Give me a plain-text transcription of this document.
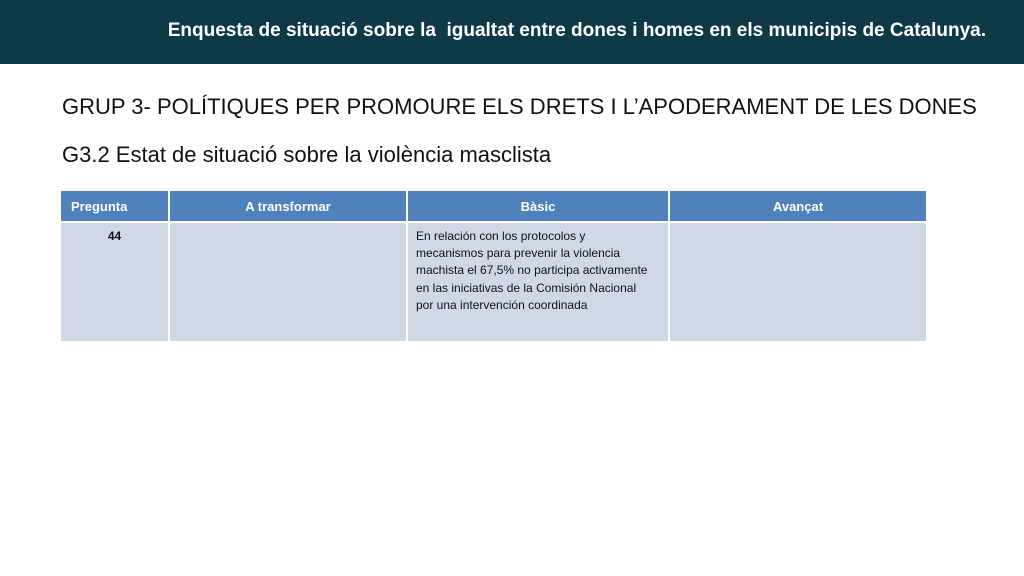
Enquesta de situació sobre la  igualtat entre dones i homes en els municipis de Catalunya.
GRUP 3- POLÍTIQUES PER PROMOURE ELS DRETS I L’APODERAMENT DE LES DONES
G3.2 Estat de situació sobre la violència masclista
Pregunta	A transformar	Bàsic	Avançat
44		En relación con los protocolos y mecanismos para prevenir la violencia machista el 67,5% no participa activamente en las iniciativas de la Comisión Nacional por una intervención coordinada	
